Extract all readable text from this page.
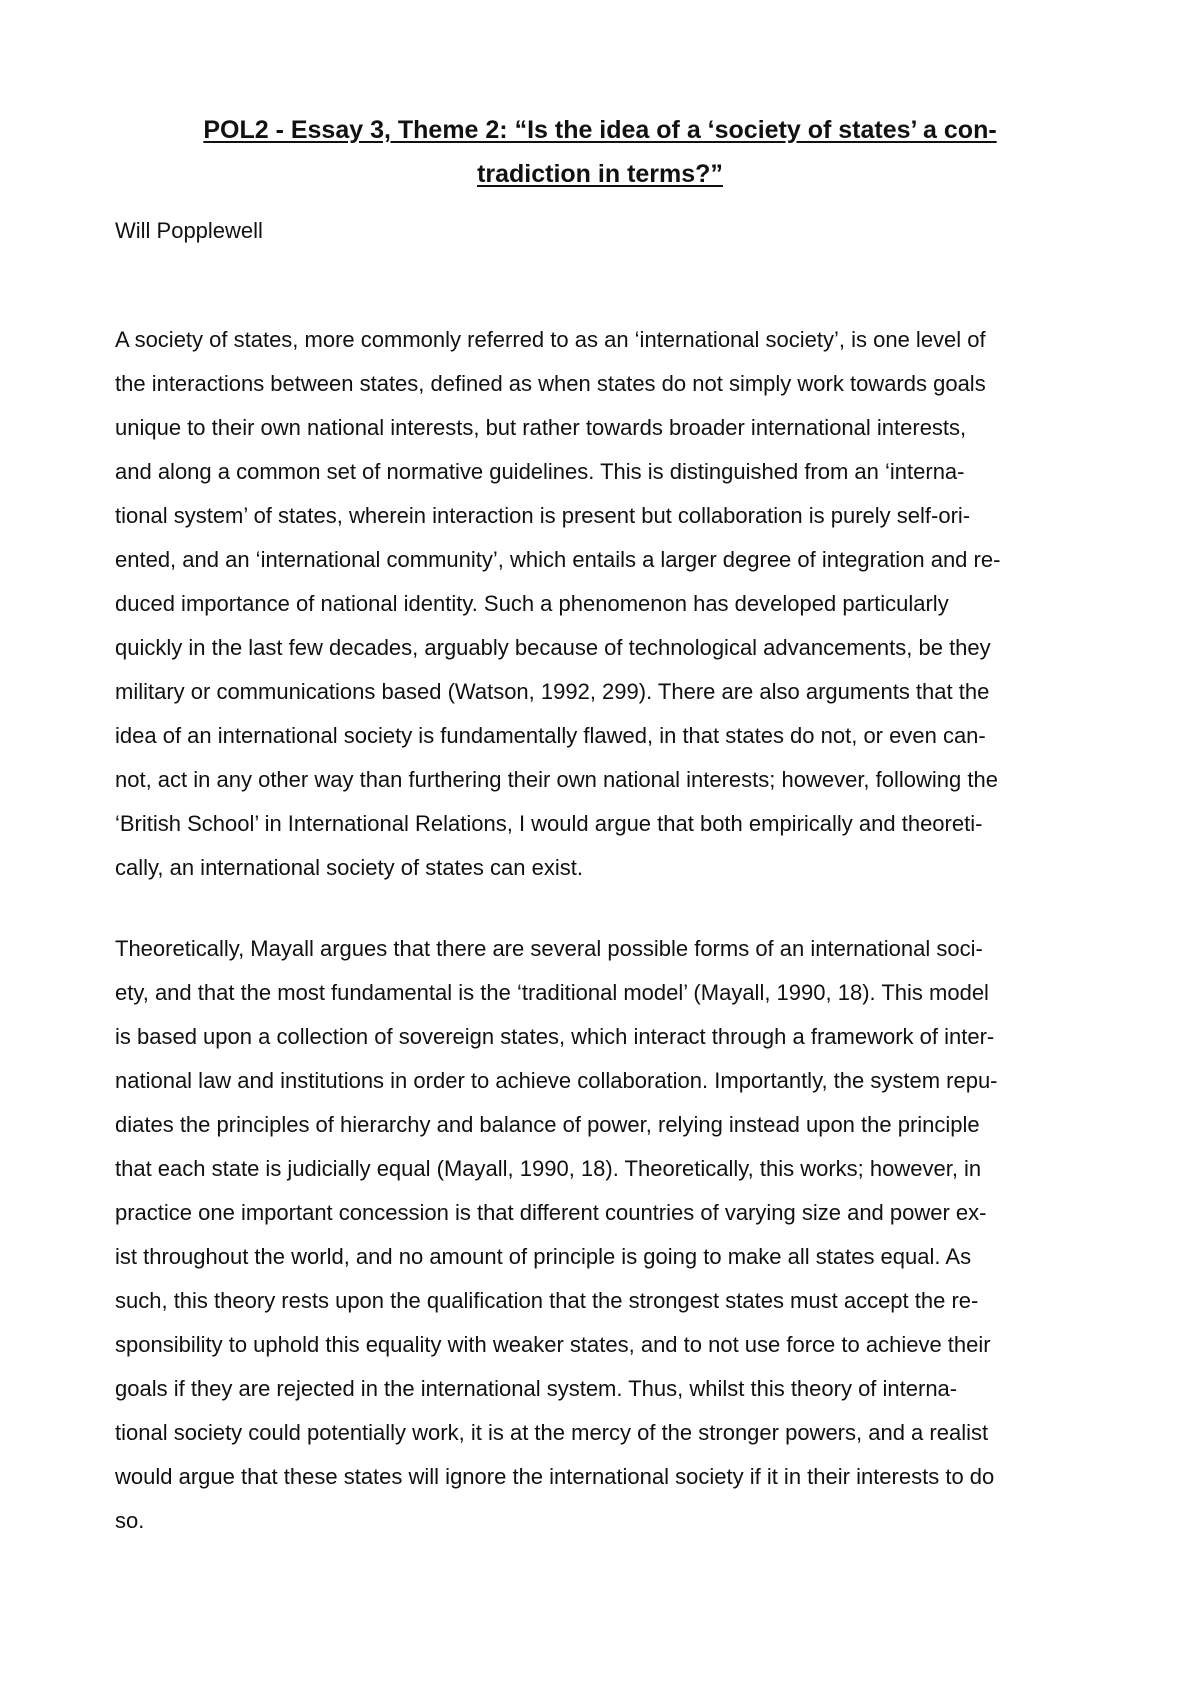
POL2 - Essay 3, Theme 2: “Is the idea of a ‘society of states’ a con-
tradiction in terms?”

Will Popplewell

A society of states, more commonly referred to as an ‘international society’, is one level of
the interactions between states, defined as when states do not simply work towards goals
unique to their own national interests, but rather towards broader international interests,
and along a common set of normative guidelines. This is distinguished from an ‘interna-
tional system’ of states, wherein interaction is present but collaboration is purely self-ori-
ented, and an ‘international community’, which entails a larger degree of integration and re-
duced importance of national identity. Such a phenomenon has developed particularly
quickly in the last few decades, arguably because of technological advancements, be they
military or communications based (Watson, 1992, 299). There are also arguments that the
idea of an international society is fundamentally flawed, in that states do not, or even can-
not, act in any other way than furthering their own national interests; however, following the
‘British School’ in International Relations, I would argue that both empirically and theoreti-
cally, an international society of states can exist.

Theoretically, Mayall argues that there are several possible forms of an international soci-
ety, and that the most fundamental is the ‘traditional model’ (Mayall, 1990, 18). This model
is based upon a collection of sovereign states, which interact through a framework of inter-
national law and institutions in order to achieve collaboration. Importantly, the system repu-
diates the principles of hierarchy and balance of power, relying instead upon the principle
that each state is judicially equal (Mayall, 1990, 18). Theoretically, this works; however, in
practice one important concession is that different countries of varying size and power ex-
ist throughout the world, and no amount of principle is going to make all states equal. As
such, this theory rests upon the qualification that the strongest states must accept the re-
sponsibility to uphold this equality with weaker states, and to not use force to achieve their
goals if they are rejected in the international system. Thus, whilst this theory of interna-
tional society could potentially work, it is at the mercy of the stronger powers, and a realist
would argue that these states will ignore the international society if it in their interests to do
so.
